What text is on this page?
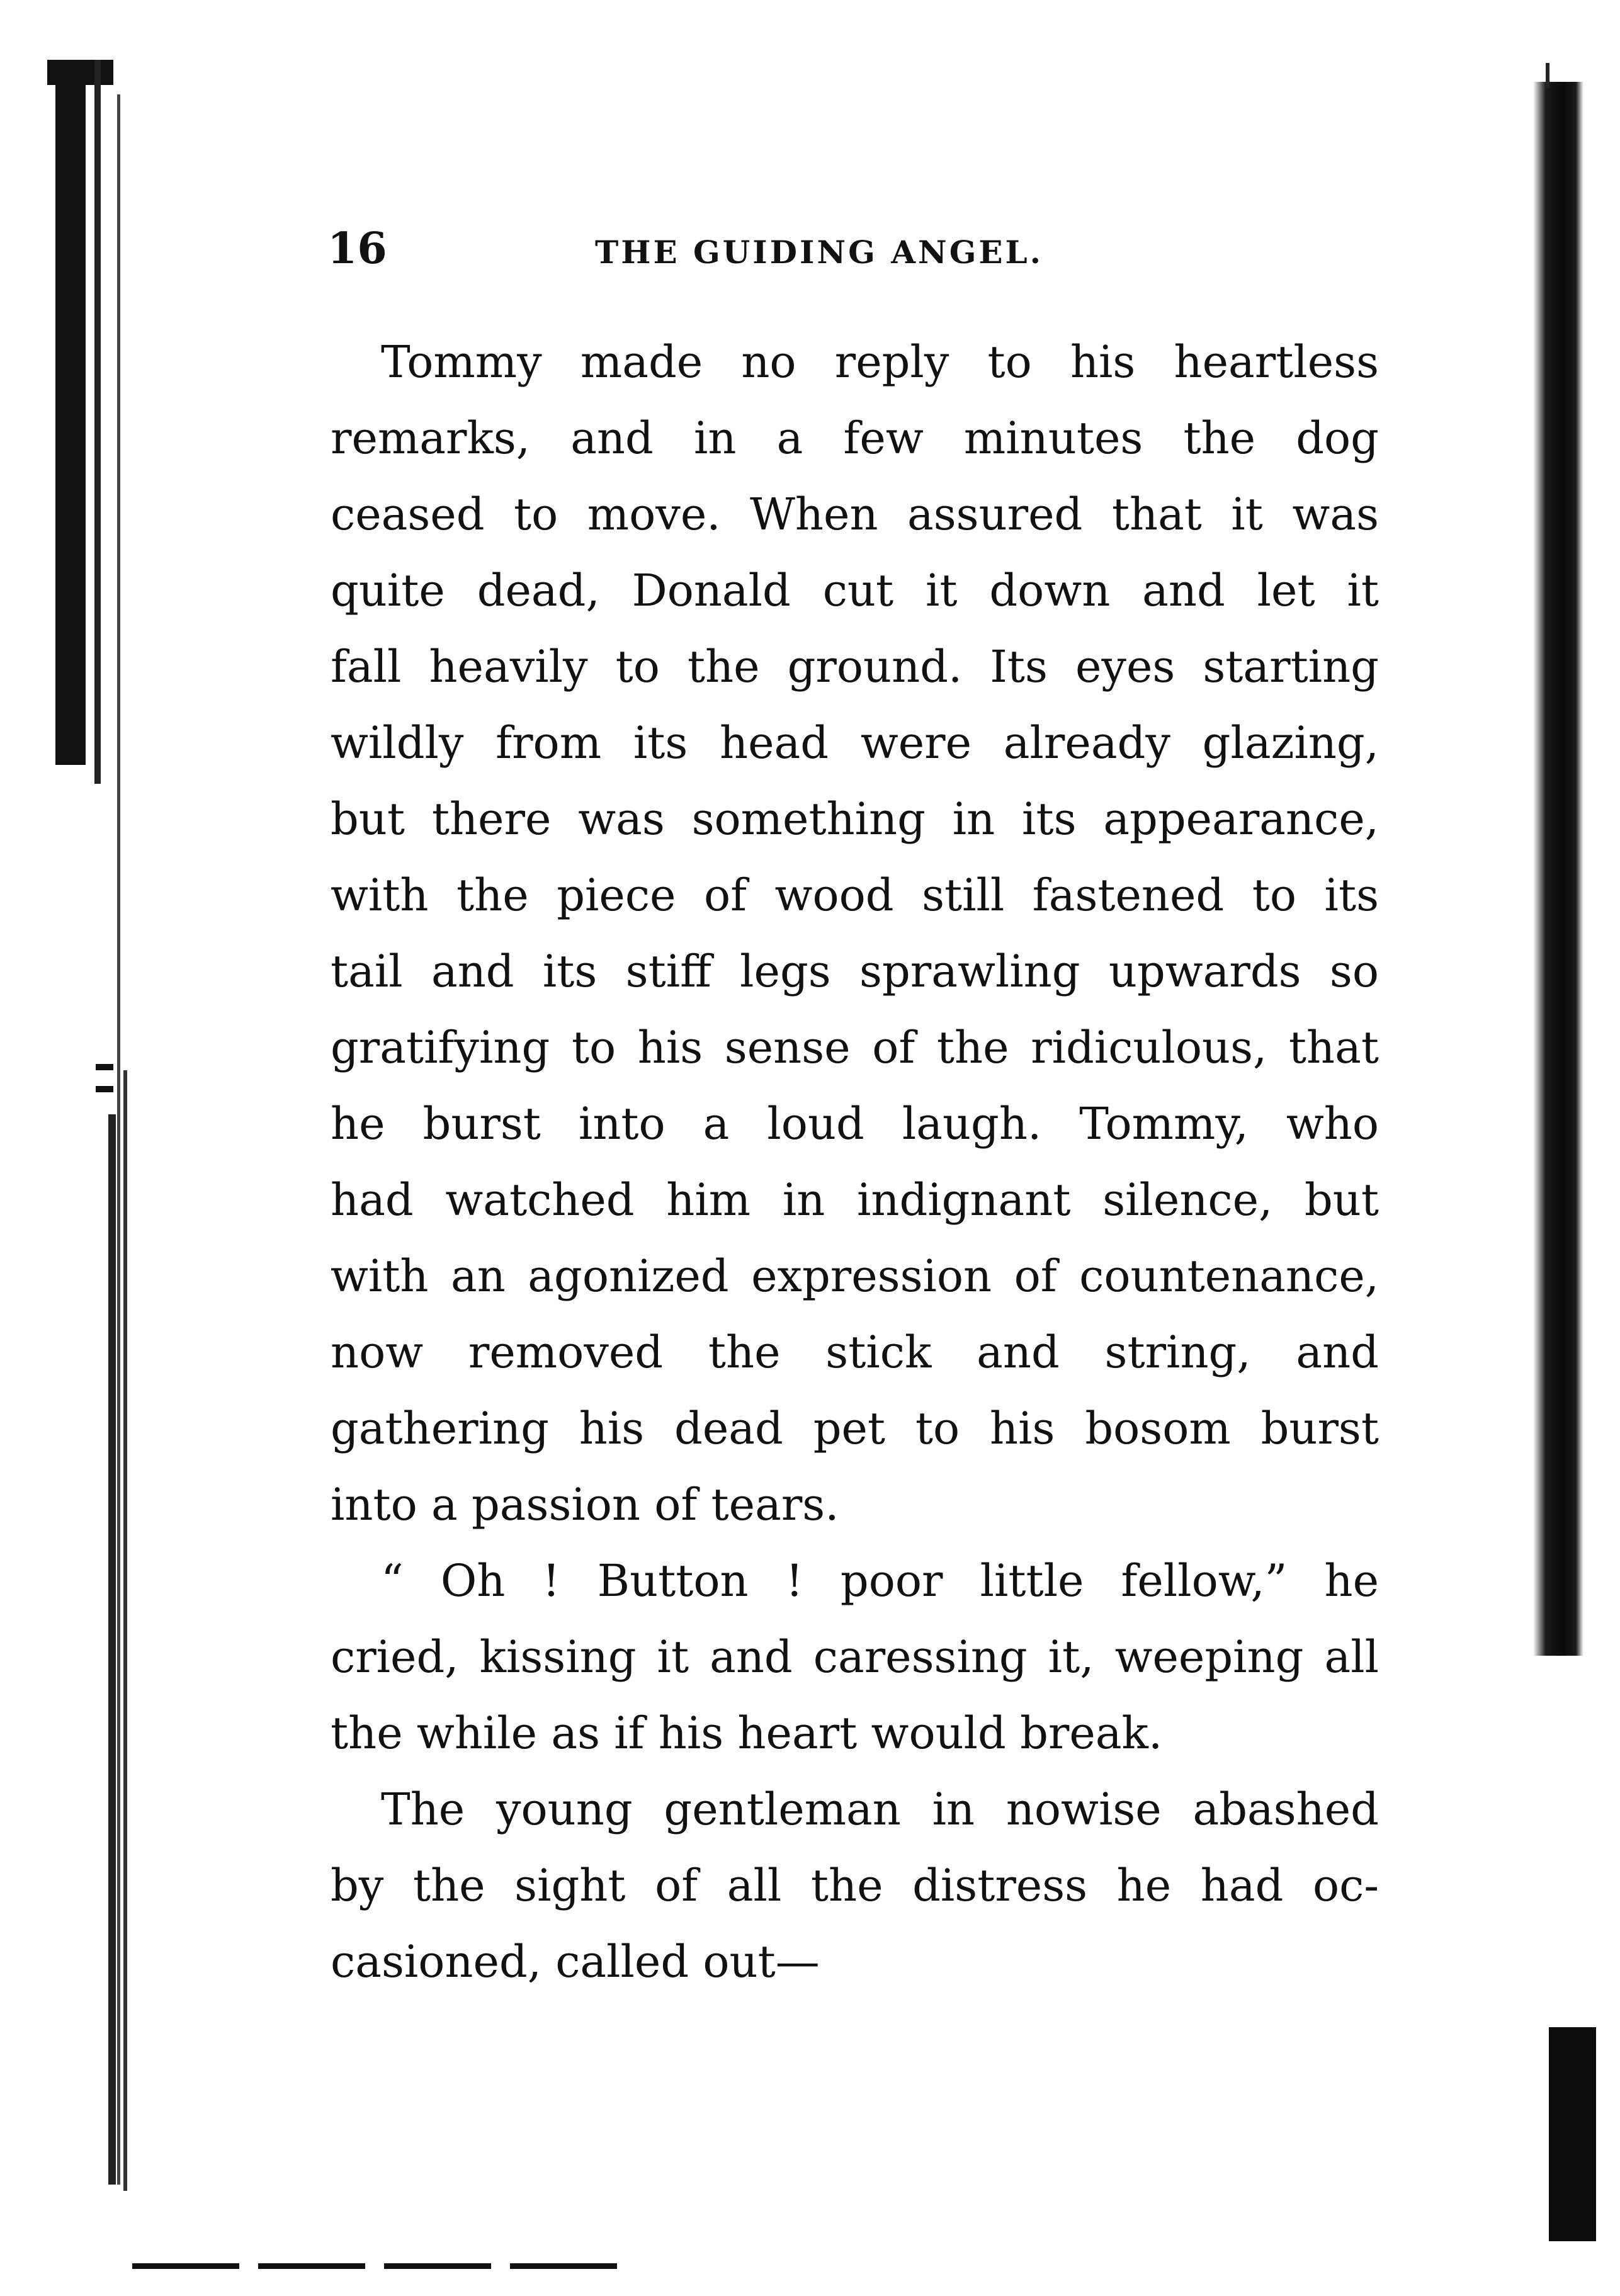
16	THE GUIDING ANGEL.
Tommy made no reply to his heartless
remarks, and in a few minutes the dog
ceased to move. When assured that it was
quite dead, Donald cut it down and let it
fall heavily to the ground. Its eyes starting
wildly from its head were already glazing,
but there was something in its appearance,
with the piece of wood still fastened to its
tail and its stiff legs sprawling upwards so
gratifying to his sense of the ridiculous, that
he burst into a loud laugh. Tommy, who
had watched him in indignant silence, but
with an agonized expression of countenance,
now removed the stick and string, and
gathering his dead pet to his bosom burst
into a passion of tears.
“ Oh ! Button ! poor little fellow,” he
cried, kissing it and caressing it, weeping all
the while as if his heart would break.
The young gentleman in nowise abashed
by the sight of all the distress he had oc-
casioned, called out—
